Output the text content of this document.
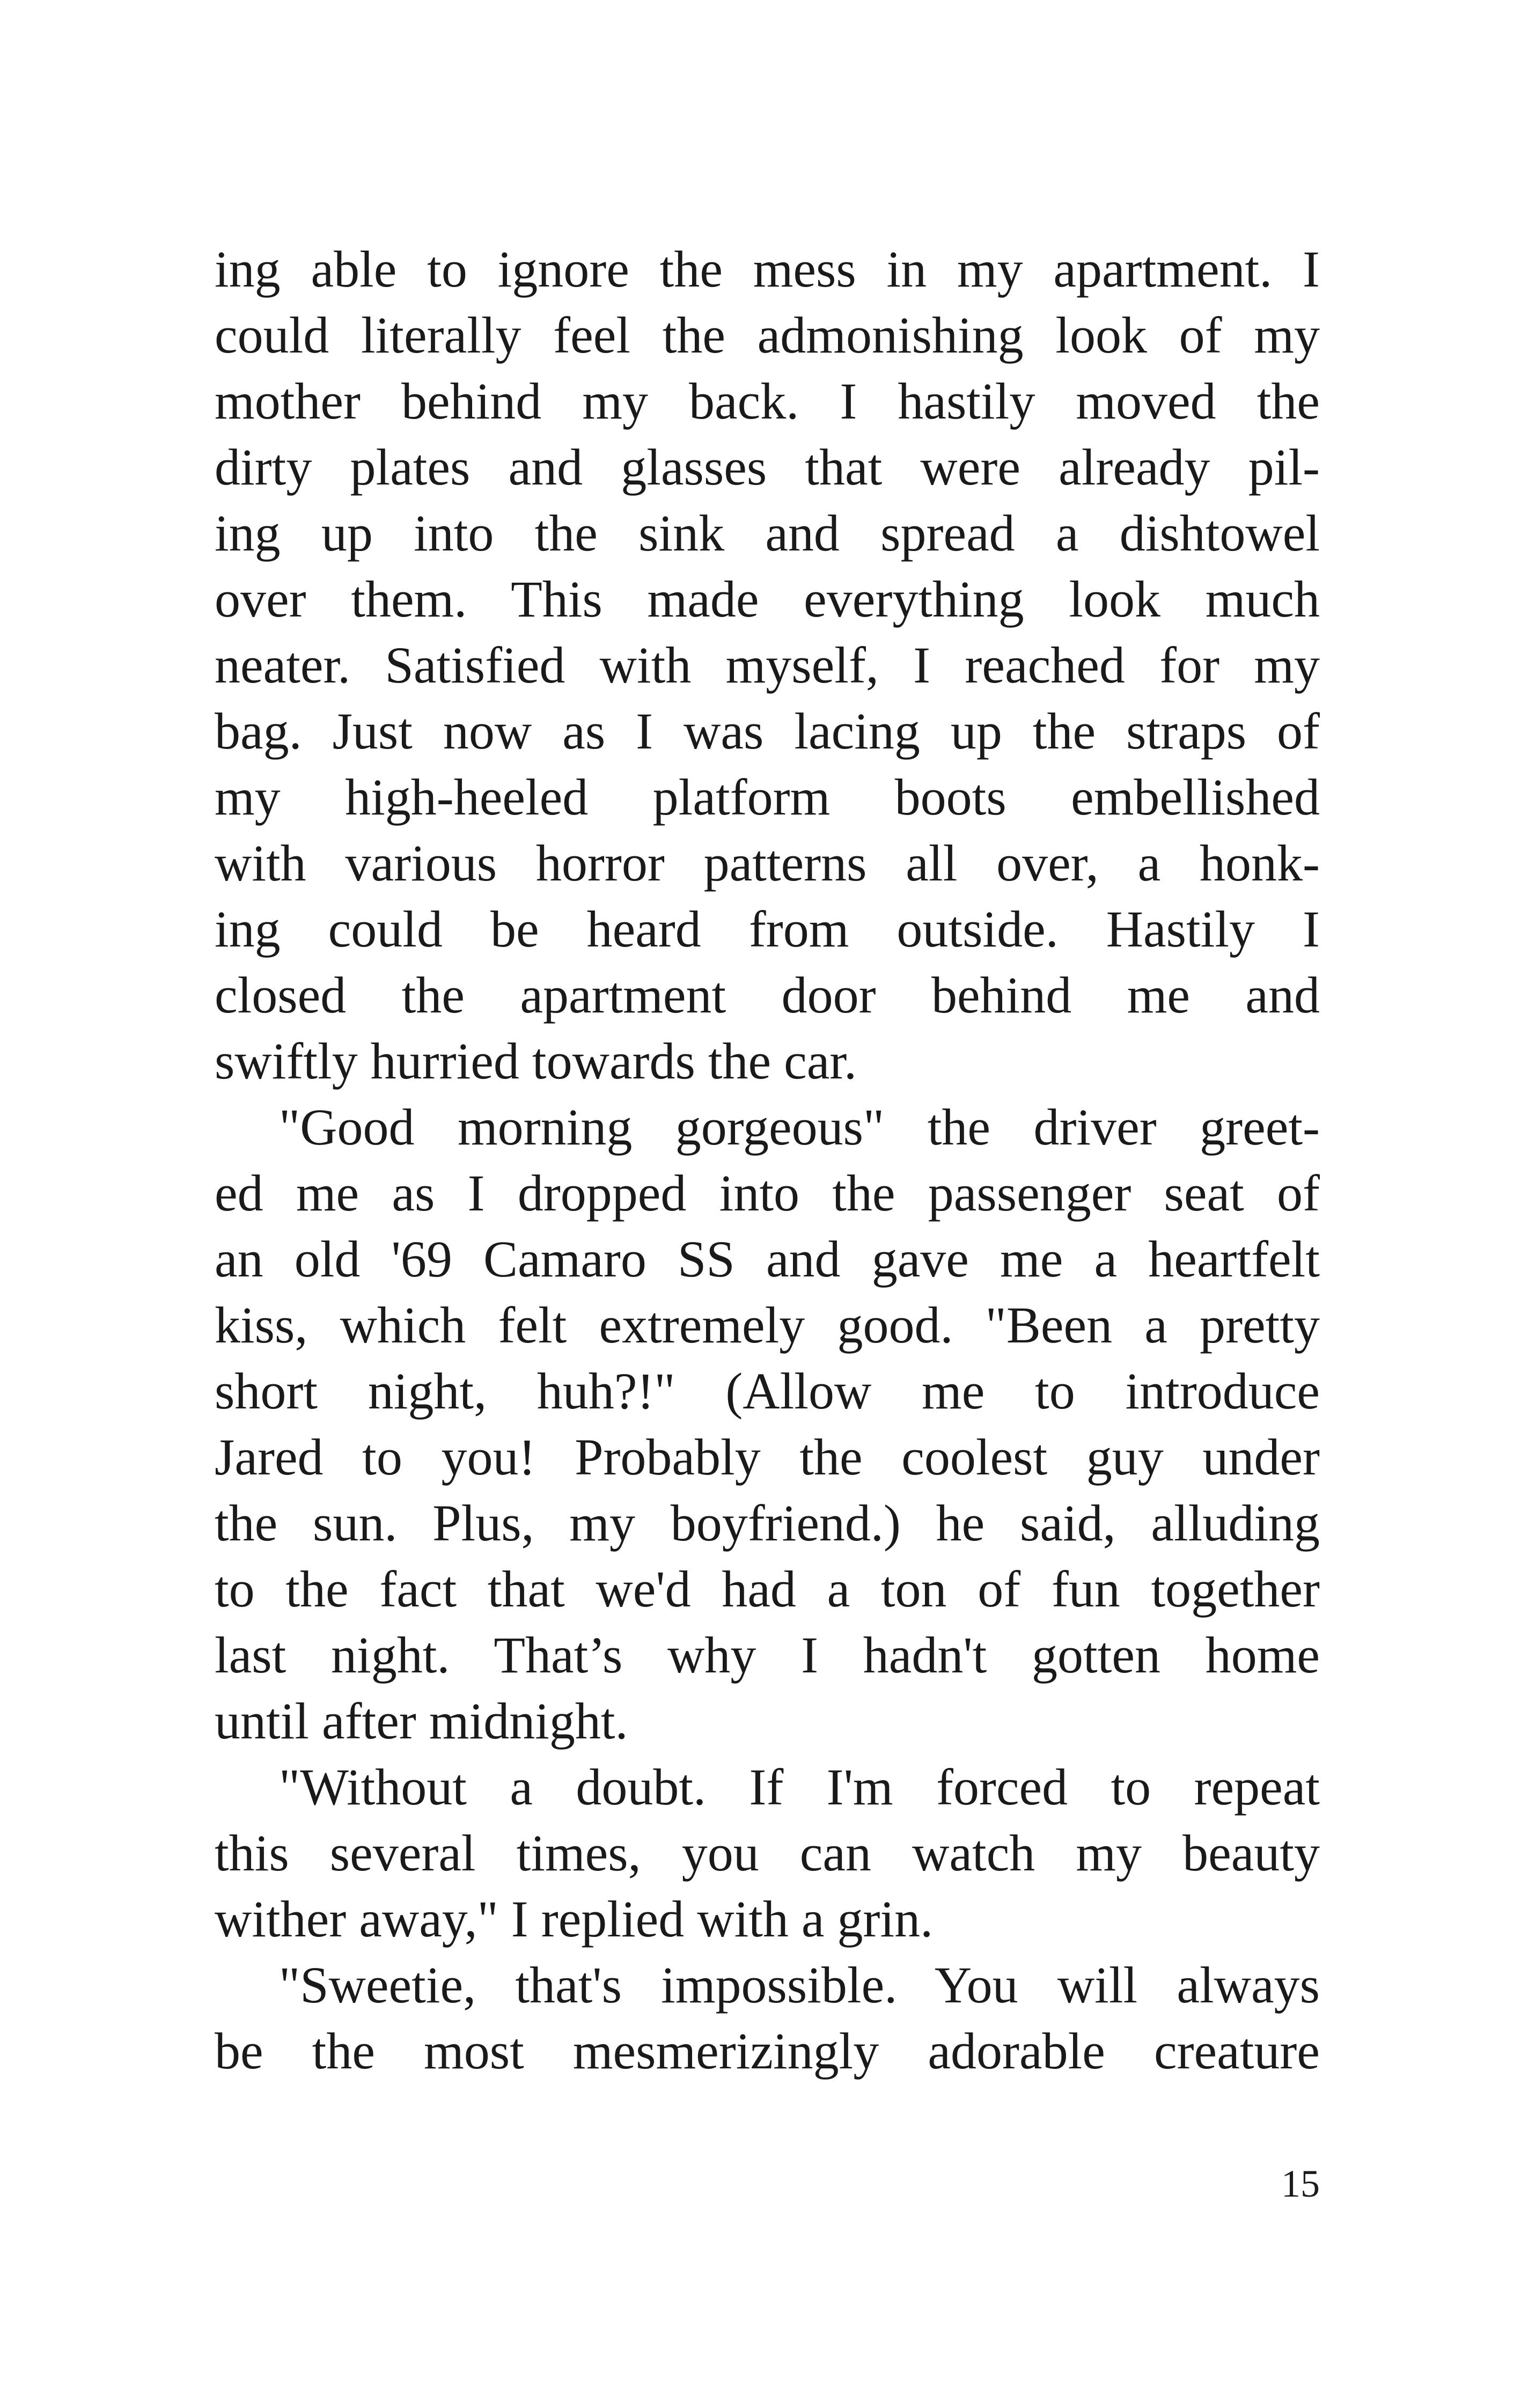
ing able to ignore the mess in my apartment. I
could literally feel the admonishing look of my
mother behind my back. I hastily moved the
dirty plates and glasses that were already pil-
ing up into the sink and spread a dishtowel
over them. This made everything look much
neater. Satisfied with myself, I reached for my
bag. Just now as I was lacing up the straps of
my high-heeled platform boots embellished
with various horror patterns all over, a honk-
ing could be heard from outside. Hastily I
closed the apartment door behind me and
swiftly hurried towards the car.
"Good morning gorgeous" the driver greet-
ed me as I dropped into the passenger seat of
an old '69 Camaro SS and gave me a heartfelt
kiss, which felt extremely good. "Been a pretty
short night, huh?!" (Allow me to introduce
Jared to you! Probably the coolest guy under
the sun. Plus, my boyfriend.) he said, alluding
to the fact that we'd had a ton of fun together
last night. That’s why I hadn't gotten home
until after midnight.
"Without a doubt. If I'm forced to repeat
this several times, you can watch my beauty
wither away," I replied with a grin.
"Sweetie, that's impossible. You will always
be the most mesmerizingly adorable creature
15
